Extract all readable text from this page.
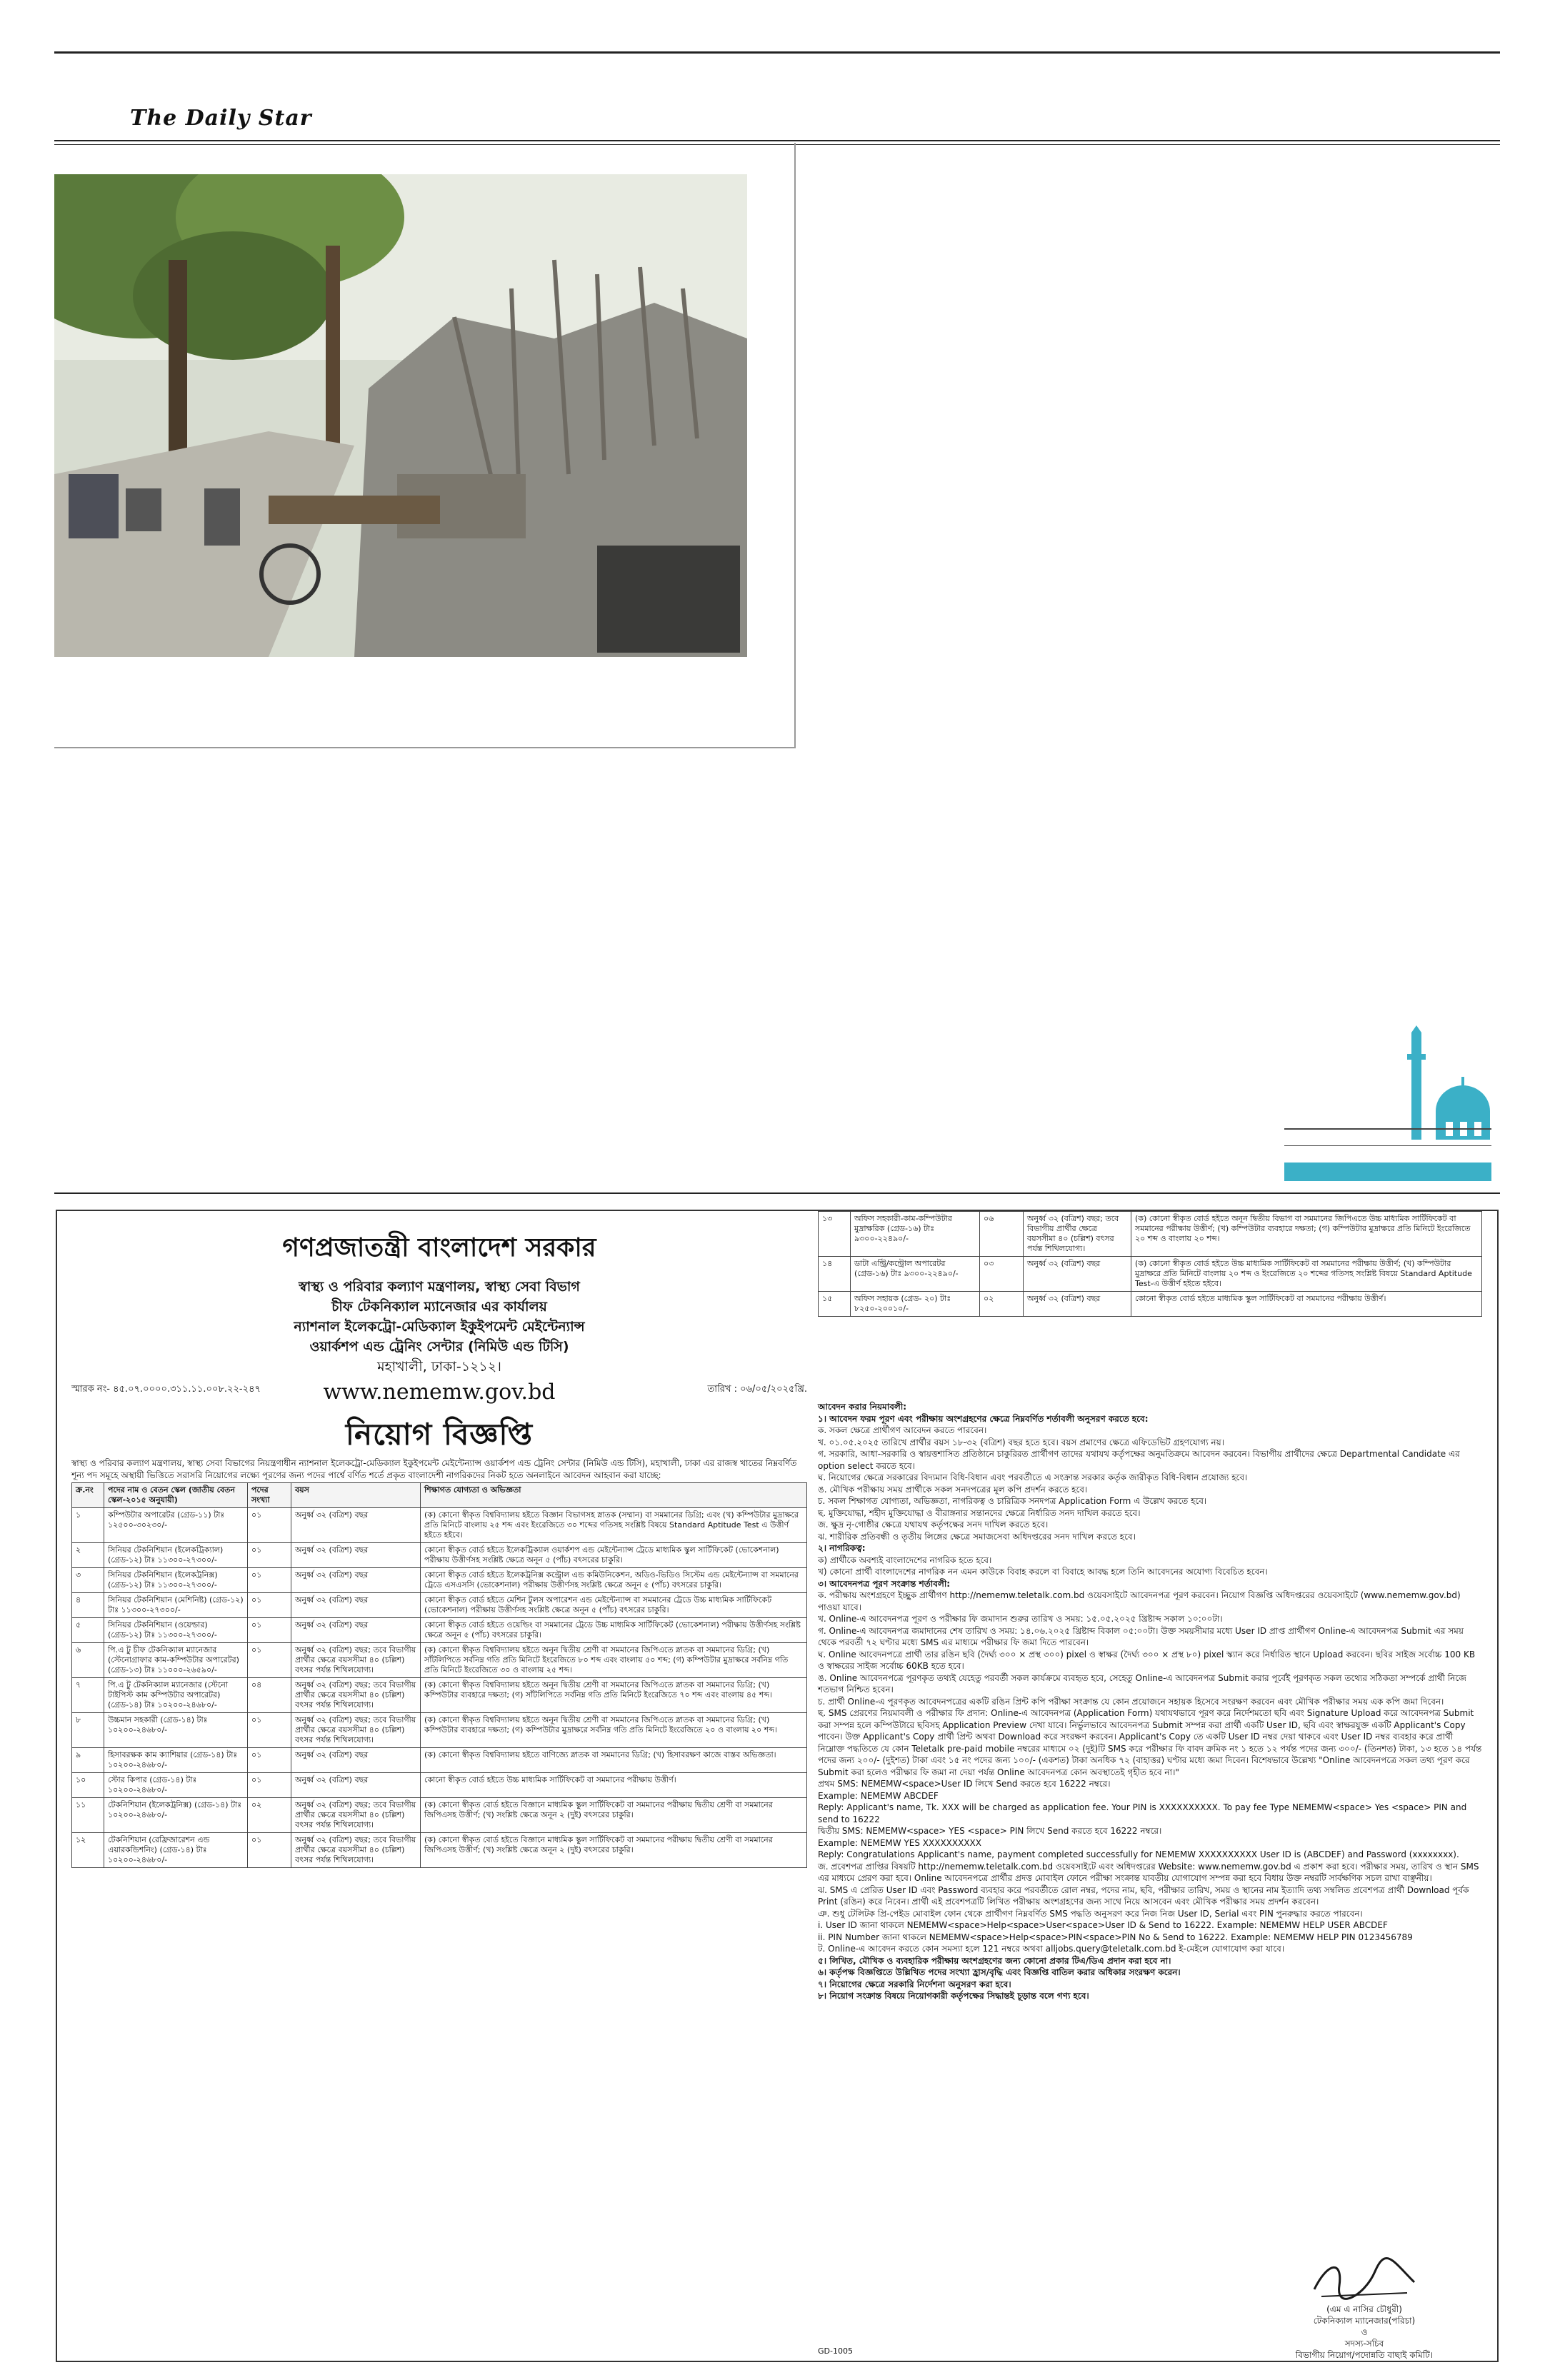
The Daily Star
গণপ্রজাতন্ত্রী বাংলাদেশ সরকার
স্বাস্থ্য ও পরিবার কল্যাণ মন্ত্রণালয়, স্বাস্থ্য সেবা বিভাগ
চীফ টেকনিক্যাল ম্যানেজার এর কার্যালয়
ন্যাশনাল ইলেকট্রো-মেডিক্যাল ইকুইপমেন্ট মেইন্টেন্যান্স
ওয়ার্কশপ এন্ড ট্রেনিং সেন্টার (নিমিউ এন্ড টিসি)
মহাখালী, ঢাকা-১২১২।
www.nememw.gov.bd
স্মারক নং- ৪৫.০৭.০০০০.৩১১.১১.০০৮.২২-২৪৭	তারিখ : ০৬/০৫/২০২৫খ্রি.
নিয়োগ বিজ্ঞপ্তি
স্বাস্থ্য ও পরিবার কল্যাণ মন্ত্রণালয়, স্বাস্থ্য সেবা বিভাগের নিয়ন্ত্রণাধীন ন্যাশনাল ইলেকট্রো-মেডিক্যাল ইকুইপমেন্ট মেইন্টেন্যান্স ওয়ার্কশপ এন্ড ট্রেনিং সেন্টার (নিমিউ এন্ড টিসি), মহাখালী, ঢাকা এর রাজস্ব খাতের নিম্নবর্ণিত শূন্য পদ সমূহে অস্থায়ী ভিত্তিতে সরাসরি নিয়োগের লক্ষ্যে পূরণের জন্য পদের পার্শ্বে বর্ণিত শর্তে প্রকৃত বাংলাদেশী নাগরিকদের নিকট হতে অনলাইনে আবেদন আহবান করা যাচ্ছে:
ক্র.নং	পদের নাম ও বেতন স্কেল (জাতীয় বেতন স্কেল-২০১৫ অনুযায়ী)	পদের সংখ্যা	বয়স	শিক্ষাগত যোগ্যতা ও অভিজ্ঞতা
১	কম্পিউটার অপারেটর (গ্রেড-১১) টাঃ ১২৫০০-৩০২৩০/-	০১	অনুর্ধ্ব ৩২ (বত্রিশ) বছর	(ক) কোনো স্বীকৃত বিশ্ববিদ্যালয় হইতে বিজ্ঞান বিভাগসহ স্নাতক (সম্মান) বা সমমানের ডিগ্রি; এবং (খ) কম্পিউটার মুদ্রাক্ষরে প্রতি মিনিটে বাংলায় ২৫ শব্দ এবং ইংরেজিতে ৩০ শব্দের গতিসহ সংশ্লিষ্ট বিষয়ে Standard Aptitude Test এ উত্তীর্ণ হইতে হইবে।
২	সিনিয়র টেকনিশিয়ান (ইলেকট্রিক্যাল) (গ্রেড-১২) টাঃ ১১৩০০-২৭৩০০/-	০১	অনুর্ধ্ব ৩২ (বত্রিশ) বছর	কোনো স্বীকৃত বোর্ড হইতে ইলেকট্রিক্যাল ওয়ার্কশপ এন্ড মেইন্টেন্যান্স ট্রেডে মাধ্যমিক স্কুল সার্টিফিকেট (ভোকেশনাল) পরীক্ষায় উত্তীর্ণসহ সংশ্লিষ্ট ক্ষেত্রে অনূন ৫ (পাঁচ) বৎসরের চাকুরি।
৩	সিনিয়র টেকনিশিয়ান (ইলেকট্রনিক্স) (গ্রেড-১২) টাঃ ১১৩০০-২৭৩০০/-	০১	অনুর্ধ্ব ৩২ (বত্রিশ) বছর	কোনো স্বীকৃত বোর্ড হইতে ইলেকট্রনিক্স কন্ট্রোল এন্ড কমিউনিকেশন, অডিও-ভিডিও সিস্টেম এন্ড মেইন্টেন্যান্স বা সমমানের ট্রেডে এসএসসি (ভোকেশনাল) পরীক্ষায় উত্তীর্ণসহ সংশ্লিষ্ট ক্ষেত্রে অনূন ৫ (পাঁচ) বৎসরের চাকুরি।
৪	সিনিয়র টেকনিশিয়ান (মেশিনিষ্ট) (গ্রেড-১২) টাঃ ১১৩০০-২৭৩০০/-	০১	অনুর্ধ্ব ৩২ (বত্রিশ) বছর	কোনো স্বীকৃত বোর্ড হইতে মেশিন টুলস অপারেশন এন্ড মেইন্টেন্যান্স বা সমমানের ট্রেডে উচ্চ মাধ্যমিক সার্টিফিকেট (ভোকেশনাল) পরীক্ষায় উত্তীর্ণসহ সংশ্লিষ্ট ক্ষেত্রে অনূন ৫ (পাঁচ) বৎসরের চাকুরি।
৫	সিনিয়র টেকনিশিয়ান (ওয়েল্ডার) (গ্রেড-১২) টাঃ ১১৩০০-২৭৩০০/-	০১	অনুর্ধ্ব ৩২ (বত্রিশ) বছর	কোনো স্বীকৃত বোর্ড হইতে ওয়েল্ডিং বা সমমানের ট্রেডে উচ্চ মাধ্যমিক সার্টিফিকেট (ভোকেশনাল) পরীক্ষায় উত্তীর্ণসহ সংশ্লিষ্ট ক্ষেত্রে অনূন ৫ (পাঁচ) বৎসরের চাকুরি।
৬	পি.এ টু চীফ টেকনিক্যাল ম্যানেজার (স্টেনোগ্রাফার কাম-কম্পিউটার অপারেটর) (গ্রেড-১৩) টাঃ ১১০০০-২৬৫৯০/-	০১	অনুর্ধ্ব ৩২ (বত্রিশ) বছর; তবে বিভাগীয় প্রার্থীর ক্ষেত্রে বয়সসীমা ৪০ (চল্লিশ) বৎসর পর্যন্ত শিথিলযোগ্য।	(ক) কোনো স্বীকৃত বিশ্ববিদ্যালয় হইতে অনূন দ্বিতীয় শ্রেণী বা সমমানের জিপিএতে স্নাতক বা সমমানের ডিগ্রি; (খ) সাঁটলিপিতে সর্বনিম্ন গতি প্রতি মিনিটে ইংরেজিতে ৮০ শব্দ এবং বাংলায় ৫০ শব্দ; (গ) কম্পিউটার মুদ্রাক্ষরে সর্বনিম্ন গতি প্রতি মিনিটে ইংরেজিতে ৩০ ও বাংলায় ২৫ শব্দ।
৭	পি.এ টু টেকনিক্যাল ম্যানেজার (স্টেনো টাইপিস্ট কাম কম্পিউটার অপারেটর) (গ্রেড-১৪) টাঃ ১০২০০-২৪৬৮০/-	০৪	অনুর্ধ্ব ৩২ (বত্রিশ) বছর; তবে বিভাগীয় প্রার্থীর ক্ষেত্রে বয়সসীমা ৪০ (চল্লিশ) বৎসর পর্যন্ত শিথিলযোগ্য।	(ক) কোনো স্বীকৃত বিশ্ববিদ্যালয় হইতে অনূন দ্বিতীয় শ্রেণী বা সমমানের জিপিএতে স্নাতক বা সমমানের ডিগ্রি; (খ) কম্পিউটার ব্যবহারে দক্ষতা; (গ) সাঁটলিপিতে সর্বনিম্ন গতি প্রতি মিনিটে ইংরেজিতে ৭০ শব্দ এবং বাংলায় ৪৫ শব্দ।
৮	উচ্চমান সহকারী (গ্রেড-১৪) টাঃ ১০২০০-২৪৬৮০/-	০১	অনুর্ধ্ব ৩২ (বত্রিশ) বছর; তবে বিভাগীয় প্রার্থীর ক্ষেত্রে বয়সসীমা ৪০ (চল্লিশ) বৎসর পর্যন্ত শিথিলযোগ্য।	(ক) কোনো স্বীকৃত বিশ্ববিদ্যালয় হইতে অনূন দ্বিতীয় শ্রেণী বা সমমানের জিপিএতে স্নাতক বা সমমানের ডিগ্রি; (খ) কম্পিউটার ব্যবহারে দক্ষতা; (গ) কম্পিউটার মুদ্রাক্ষরে সর্বনিম্ন গতি প্রতি মিনিটে ইংরেজিতে ২০ ও বাংলায় ২০ শব্দ।
৯	হিসাবরক্ষক কাম ক্যাশিয়ার (গ্রেড-১৪) টাঃ ১০২০০-২৪৬৮০/-	০১	অনুর্ধ্ব ৩২ (বত্রিশ) বছর	(ক) কোনো স্বীকৃত বিশ্ববিদ্যালয় হইতে বাণিজ্যে স্নাতক বা সমমানের ডিগ্রি; (খ) হিসাবরক্ষণ কাজে বাস্তব অভিজ্ঞতা।
১০	স্টোর কিপার (গ্রেড-১৪) টাঃ ১০২০০-২৪৬৮০/-	০১	অনুর্ধ্ব ৩২ (বত্রিশ) বছর	কোনো স্বীকৃত বোর্ড হইতে উচ্চ মাধ্যমিক সার্টিফিকেট বা সমমানের পরীক্ষায় উত্তীর্ণ।
১১	টেকনিশিয়ান (ইলেকট্রনিক্স) (গ্রেড-১৪) টাঃ ১০২০০-২৪৬৮০/-	০২	অনুর্ধ্ব ৩২ (বত্রিশ) বছর; তবে বিভাগীয় প্রার্থীর ক্ষেত্রে বয়সসীমা ৪০ (চল্লিশ) বৎসর পর্যন্ত শিথিলযোগ্য।	(ক) কোনো স্বীকৃত বোর্ড হইতে বিজ্ঞানে মাধ্যমিক স্কুল সার্টিফিকেট বা সমমানের পরীক্ষায় দ্বিতীয় শ্রেণী বা সমমানের জিপিএসহ উত্তীর্ণ; (খ) সংশ্লিষ্ট ক্ষেত্রে অনূন ২ (দুই) বৎসরের চাকুরি।
১২	টেকনিশিয়ান (রেফ্রিজারেশন এন্ড এয়ারকন্ডিশনিং) (গ্রেড-১৪) টাঃ ১০২০০-২৪৬৮০/-	০১	অনুর্ধ্ব ৩২ (বত্রিশ) বছর; তবে বিভাগীয় প্রার্থীর ক্ষেত্রে বয়সসীমা ৪০ (চল্লিশ) বৎসর পর্যন্ত শিথিলযোগ্য।	(ক) কোনো স্বীকৃত বোর্ড হইতে বিজ্ঞানে মাধ্যমিক স্কুল সার্টিফিকেট বা সমমানের পরীক্ষায় দ্বিতীয় শ্রেণী বা সমমানের জিপিএসহ উত্তীর্ণ; (খ) সংশ্লিষ্ট ক্ষেত্রে অনূন ২ (দুই) বৎসরের চাকুরি।
১৩	অফিস সহকারী-কাম-কম্পিউটার মুদ্রাক্ষরিক (গ্রেড-১৬) টাঃ ৯৩০০-২২৪৯০/-	০৬	অনুর্ধ্ব ৩২ (বত্রিশ) বছর; তবে বিভাগীয় প্রার্থীর ক্ষেত্রে বয়সসীমা ৪০ (চল্লিশ) বৎসর পর্যন্ত শিথিলযোগ্য।	(ক) কোনো স্বীকৃত বোর্ড হইতে অনূন দ্বিতীয় বিভাগ বা সমমানের জিপিএতে উচ্চ মাধ্যমিক সার্টিফিকেট বা সমমানের পরীক্ষায় উত্তীর্ণ; (খ) কম্পিউটার ব্যবহারে দক্ষতা; (গ) কম্পিউটার মুদ্রাক্ষরে প্রতি মিনিটে ইংরেজিতে ২০ শব্দ ও বাংলায় ২০ শব্দ।
১৪	ডাটা এন্ট্রি/কন্ট্রোল অপারেটর (গ্রেড-১৬) টাঃ ৯৩০০-২২৪৯০/-	০৩	অনুর্ধ্ব ৩২ (বত্রিশ) বছর	(ক) কোনো স্বীকৃত বোর্ড হইতে উচ্চ মাধ্যমিক সার্টিফিকেট বা সমমানের পরীক্ষায় উত্তীর্ণ; (খ) কম্পিউটার মুদ্রাক্ষরে প্রতি মিনিটে বাংলায় ২০ শব্দ ও ইংরেজিতে ২০ শব্দের গতিসহ সংশ্লিষ্ট বিষয়ে Standard Aptitude Test-এ উত্তীর্ণ হইতে হইবে।
১৫	অফিস সহায়ক (গ্রেড- ২০) টাঃ ৮২৫০-২০০১০/-	০২	অনুর্ধ্ব ৩২ (বত্রিশ) বছর	কোনো স্বীকৃত বোর্ড হইতে মাধ্যমিক স্কুল সার্টিফিকেট বা সমমানের পরীক্ষায় উত্তীর্ণ।
আবেদন করার নিয়মাবলী:

১। আবেদন ফরম পূরণ এবং পরীক্ষায় অংশগ্রহণের ক্ষেত্রে নিম্নবর্ণিত শর্তাবলী অনুসরণ করতে হবে:

ক. সকল ক্ষেত্রে প্রার্থীগণ আবেদন করতে পারবেন।

খ. ০১.০৫.২০২৫ তারিখে প্রার্থীর বয়স ১৮-৩২ (বত্রিশ) বছর হতে হবে। বয়স প্রমাণের ক্ষেত্রে এফিডেভিট গ্রহণযোগ্য নয়।

গ. সরকারি, আধা-সরকারি ও স্বায়ত্তশাসিত প্রতিষ্ঠানে চাকুরিরত প্রার্থীগণ তাদের যথাযথ কর্তৃপক্ষের অনুমতিক্রমে আবেদন করবেন। বিভাগীয় প্রার্থীদের ক্ষেত্রে Departmental Candidate এর option select করতে হবে।

ঘ. নিয়োগের ক্ষেত্রে সরকারের বিদ্যমান বিধি-বিধান এবং পরবর্তীতে এ সংক্রান্ত সরকার কর্তৃক জারীকৃত বিধি-বিধান প্রযোজ্য হবে।

ঙ. মৌখিক পরীক্ষায় সময় প্রার্থীকে সকল সনদপত্রের মূল কপি প্রদর্শন করতে হবে।

চ. সকল শিক্ষাগত যোগ্যতা, অভিজ্ঞতা, নাগরিকত্ব ও চারিত্রিক সনদপত্র Application Form এ উল্লেখ করতে হবে।

ছ. মুক্তিযোদ্ধা, শহীদ মুক্তিযোদ্ধা ও বীরাঙ্গনার সন্তানদের ক্ষেত্রে নির্ধারিত সনদ দাখিল করতে হবে।

জ. ক্ষুদ্র নৃ-গোষ্ঠীর ক্ষেত্রে যথাযথ কর্তৃপক্ষের সনদ দাখিল করতে হবে।

ঝ. শারীরিক প্রতিবন্ধী ও তৃতীয় লিঙ্গের ক্ষেত্রে সমাজসেবা অধিদপ্তরের সনদ দাখিল করতে হবে।

২। নাগরিকত্ব:

ক) প্রার্থীকে অবশ্যই বাংলাদেশের নাগরিক হতে হবে।

খ) কোনো প্রার্থী বাংলাদেশের নাগরিক নন এমন কাউকে বিবাহ করলে বা বিবাহে আবদ্ধ হলে তিনি আবেদনের অযোগ্য বিবেচিত হবেন।

৩। আবেদনপত্র পূরণ সংক্রান্ত শর্তাবলী:

ক. পরীক্ষায় অংশগ্রহণে ইচ্ছুক প্রার্থীগণ http://nememw.teletalk.com.bd ওয়েবসাইটে আবেদনপত্র পূরণ করবেন। নিয়োগ বিজ্ঞপ্তি অধিদপ্তরের ওয়েবসাইটে (www.nememw.gov.bd) পাওয়া যাবে।

খ. Online-এ আবেদনপত্র পূরণ ও পরীক্ষার ফি জমাদান শুরুর তারিখ ও সময়: ১৫.০৫.২০২৫ খ্রিষ্টাব্দ সকাল ১০:০০টা।

গ. Online-এ আবেদনপত্র জমাদানের শেষ তারিখ ও সময়: ১৪.০৬.২০২৫ খ্রিষ্টাব্দ বিকাল ০৫:০০টা। উক্ত সময়সীমার মধ্যে User ID প্রাপ্ত প্রার্থীগণ Online-এ আবেদনপত্র Submit এর সময় থেকে পরবর্তী ৭২ ঘণ্টার মধ্যে SMS এর মাধ্যমে পরীক্ষার ফি জমা দিতে পারবেন।

ঘ. Online আবেদনপত্রে প্রার্থী তার রঙিন ছবি (দৈর্ঘ্য ৩০০ × প্রস্থ ৩০০) pixel ও স্বাক্ষর (দৈর্ঘ্য ৩০০ × প্রস্থ ৮০) pixel স্ক্যান করে নির্ধারিত স্থানে Upload করবেন। ছবির সাইজ সর্বোচ্চ 100 KB ও স্বাক্ষরের সাইজ সর্বোচ্চ 60KB হতে হবে।

ঙ. Online আবেদনপত্রে পূরণকৃত তথ্যই যেহেতু পরবর্তী সকল কার্যক্রমে ব্যবহৃত হবে, সেহেতু Online-এ আবেদনপত্র Submit করার পূর্বেই পূরণকৃত সকল তথ্যের সঠিকতা সম্পর্কে প্রার্থী নিজে শতভাগ নিশ্চিত হবেন।

চ. প্রার্থী Online-এ পূরণকৃত আবেদনপত্রের একটি রঙিন প্রিন্ট কপি পরীক্ষা সংক্রান্ত যে কোন প্রয়োজনে সহায়ক হিসেবে সংরক্ষণ করবেন এবং মৌখিক পরীক্ষার সময় এক কপি জমা দিবেন।

ছ. SMS প্রেরণের নিয়মাবলী ও পরীক্ষার ফি প্রদান: Online-এ আবেদনপত্র (Application Form) যথাযথভাবে পূরণ করে নির্দেশমতো ছবি এবং Signature Upload করে আবেদনপত্র Submit করা সম্পন্ন হলে কম্পিউটারে ছবিসহ Application Preview দেখা যাবে। নির্ভুলভাবে আবেদনপত্র Submit সম্পন্ন করা প্রার্থী একটি User ID, ছবি এবং স্বাক্ষরযুক্ত একটি Applicant's Copy পাবেন। উক্ত Applicant's Copy প্রার্থী প্রিন্ট অথবা Download করে সংরক্ষণ করবেন। Applicant's Copy তে একটি User ID নম্বর দেয়া থাকবে এবং User ID নম্বর ব্যবহার করে প্রার্থী নিম্নোক্ত পদ্ধতিতে যে কোন Teletalk pre-paid mobile নম্বরের মাধ্যমে ০২ (দুই)টি SMS করে পরীক্ষার ফি বাবদ ক্রমিক নং ১ হতে ১২ পর্যন্ত পদের জন্য ৩০০/- (তিনশত) টাকা, ১৩ হতে ১৪ পর্যন্ত পদের জন্য ২০০/- (দুইশত) টাকা এবং ১৫ নং পদের জন্য ১০০/- (একশত) টাকা অনধিক ৭২ (বাহাত্তর) ঘণ্টার মধ্যে জমা দিবেন। বিশেষভাবে উল্লেখ্য "Online আবেদনপত্রে সকল তথ্য পূরণ করে Submit করা হলেও পরীক্ষার ফি জমা না দেয়া পর্যন্ত Online আবেদনপত্র কোন অবস্থাতেই গৃহীত হবে না।"

প্রথম SMS: NEMEMW<space>User ID লিখে Send করতে হবে 16222 নম্বরে।

Example: NEMEMW ABCDEF

Reply: Applicant's name, Tk. XXX will be charged as application fee. Your PIN is XXXXXXXXXX. To pay fee Type NEMEMW<space> Yes <space> PIN and send to 16222

দ্বিতীয় SMS: NEMEMW<space> YES <space> PIN লিখে Send করতে হবে 16222 নম্বরে।

Example: NEMEMW YES XXXXXXXXXX

Reply: Congratulations Applicant's name, payment completed successfully for NEMEMW XXXXXXXXXX User ID is (ABCDEF) and Password (xxxxxxxx).

জ. প্রবেশপত্র প্রাপ্তির বিষয়টি http://nememw.teletalk.com.bd ওয়েবসাইটে এবং অধিদপ্তরের Website: www.nememw.gov.bd এ প্রকাশ করা হবে। পরীক্ষার সময়, তারিখ ও স্থান SMS এর মাধ্যমে প্রেরণ করা হবে। Online আবেদনপত্রে প্রার্থীর প্রদত্ত মোবাইল ফোনে পরীক্ষা সংক্রান্ত যাবতীয় যোগাযোগ সম্পন্ন করা হবে বিধায় উক্ত নম্বরটি সার্বক্ষণিক সচল রাখা বাঞ্ছনীয়।

ঝ. SMS এ প্রেরিত User ID এবং Password ব্যবহার করে পরবর্তীতে রোল নম্বর, পদের নাম, ছবি, পরীক্ষার তারিখ, সময় ও স্থানের নাম ইত্যাদি তথ্য সম্বলিত প্রবেশপত্র প্রার্থী Download পূর্বক Print (রঙিন) করে নিবেন। প্রার্থী এই প্রবেশপত্রটি লিখিত পরীক্ষায় অংশগ্রহণের জন্য সাথে নিয়ে আসবেন এবং মৌখিক পরীক্ষার সময় প্রদর্শন করবেন।

ঞ. শুধু টেলিটক প্রি-পেইড মোবাইল ফোন থেকে প্রার্থীগণ নিম্নবর্ণিত SMS পদ্ধতি অনুসরণ করে নিজ নিজ User ID, Serial এবং PIN পুনরুদ্ধার করতে পারবেন।

i. User ID জানা থাকলে NEMEMW<space>Help<space>User<space>User ID & Send to 16222. Example: NEMEMW HELP USER ABCDEF

ii. PIN Number জানা থাকলে NEMEMW<space>Help<space>PIN<space>PIN No & Send to 16222. Example: NEMEMW HELP PIN 0123456789

ট. Online-এ আবেদন করতে কোন সমস্যা হলে 121 নম্বরে অথবা alljobs.query@teletalk.com.bd ই-মেইলে যোগাযোগ করা যাবে।

৫। লিখিত, মৌখিক ও ব্যবহারিক পরীক্ষায় অংশগ্রহণের জন্য কোনো প্রকার টিএ/ডিএ প্রদান করা হবে না।

৬। কর্তৃপক্ষ বিজ্ঞপ্তিতে উল্লিখিত পদের সংখ্যা হ্রাস/বৃদ্ধি এবং বিজ্ঞপ্তি বাতিল করার অধিকার সংরক্ষণ করেন।

৭। নিয়োগের ক্ষেত্রে সরকারি নির্দেশনা অনুসরণ করা হবে।

৮। নিয়োগ সংক্রান্ত বিষয়ে নিয়োগকারী কর্তৃপক্ষের সিদ্ধান্তই চূড়ান্ত বলে গণ্য হবে।

(এম এ নাসির চৌধুরী)
টেকনিক্যাল ম্যানেজার(পরিচা)
ও
সদস্য-সচিব
বিভাগীয় নিয়োগ/পদোন্নতি বাছাই কমিটি।
GD-1005
